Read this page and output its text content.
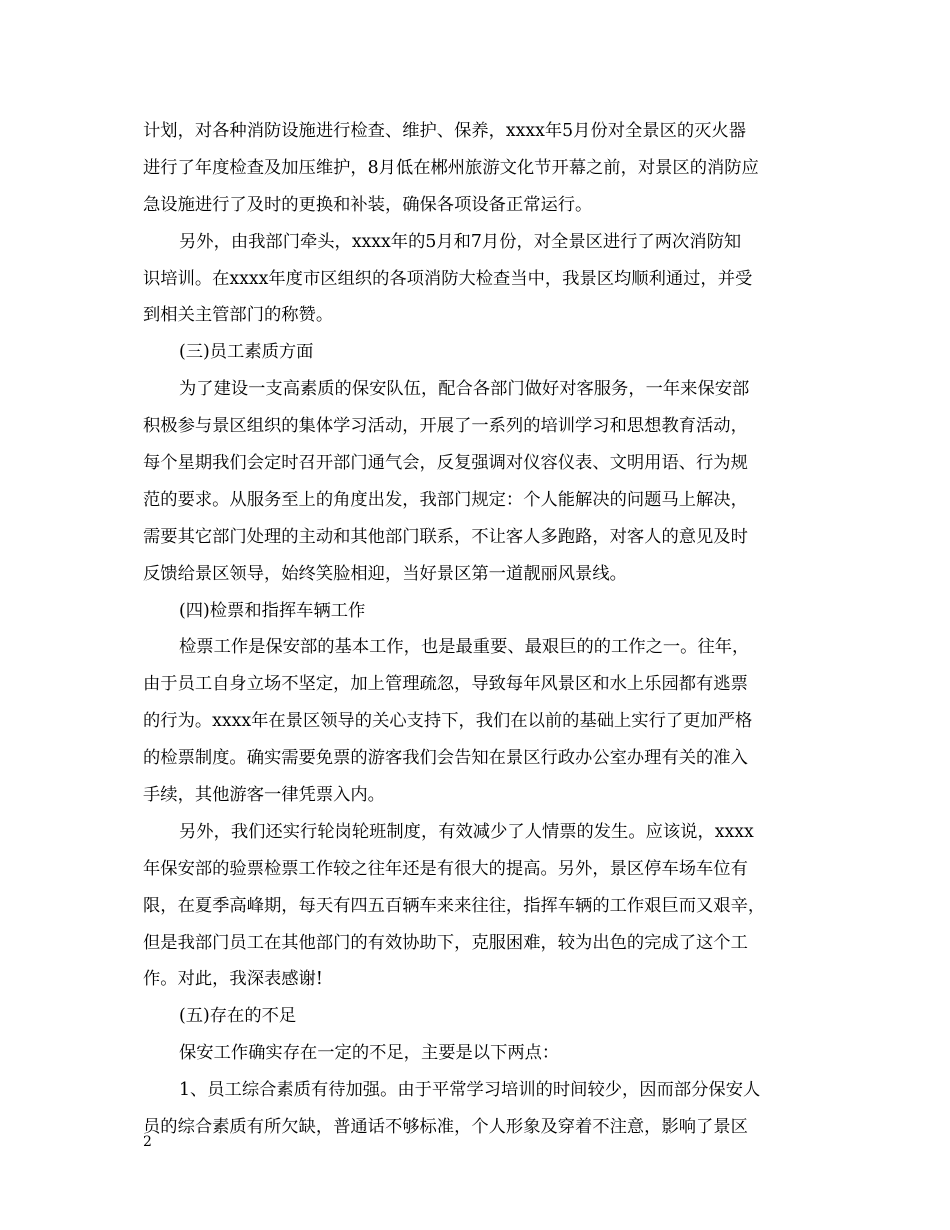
计划，对各种消防设施进行检查、维护、保养，xxxx年5月份对全景区的灭火器
进行了年度检查及加压维护，8月低在郴州旅游文化节开幕之前，对景区的消防应
急设施进行了及时的更换和补装，确保各项设备正常运行。
另外，由我部门牵头，xxxx年的5月和7月份，对全景区进行了两次消防知
识培训。在xxxx年度市区组织的各项消防大检查当中，我景区均顺利通过，并受
到相关主管部门的称赞。
(三)员工素质方面
为了建设一支高素质的保安队伍，配合各部门做好对客服务，一年来保安部
积极参与景区组织的集体学习活动，开展了一系列的培训学习和思想教育活动，
每个星期我们会定时召开部门通气会，反复强调对仪容仪表、文明用语、行为规
范的要求。从服务至上的角度出发，我部门规定：个人能解决的问题马上解决，
需要其它部门处理的主动和其他部门联系，不让客人多跑路，对客人的意见及时
反馈给景区领导，始终笑脸相迎，当好景区第一道靓丽风景线。
(四)检票和指挥车辆工作
检票工作是保安部的基本工作，也是最重要、最艰巨的的工作之一。往年，
由于员工自身立场不坚定，加上管理疏忽，导致每年风景区和水上乐园都有逃票
的行为。xxxx年在景区领导的关心支持下，我们在以前的基础上实行了更加严格
的检票制度。确实需要免票的游客我们会告知在景区行政办公室办理有关的准入
手续，其他游客一律凭票入内。
另外，我们还实行轮岗轮班制度，有效减少了人情票的发生。应该说，xxxx
年保安部的验票检票工作较之往年还是有很大的提高。另外，景区停车场车位有
限，在夏季高峰期，每天有四五百辆车来来往往，指挥车辆的工作艰巨而又艰辛，
但是我部门员工在其他部门的有效协助下，克服困难，较为出色的完成了这个工
作。对此，我深表感谢!
(五)存在的不足
保安工作确实存在一定的不足，主要是以下两点：
1、员工综合素质有待加强。由于平常学习培训的时间较少，因而部分保安人
员的综合素质有所欠缺，普通话不够标准，个人形象及穿着不注意，影响了景区
2
